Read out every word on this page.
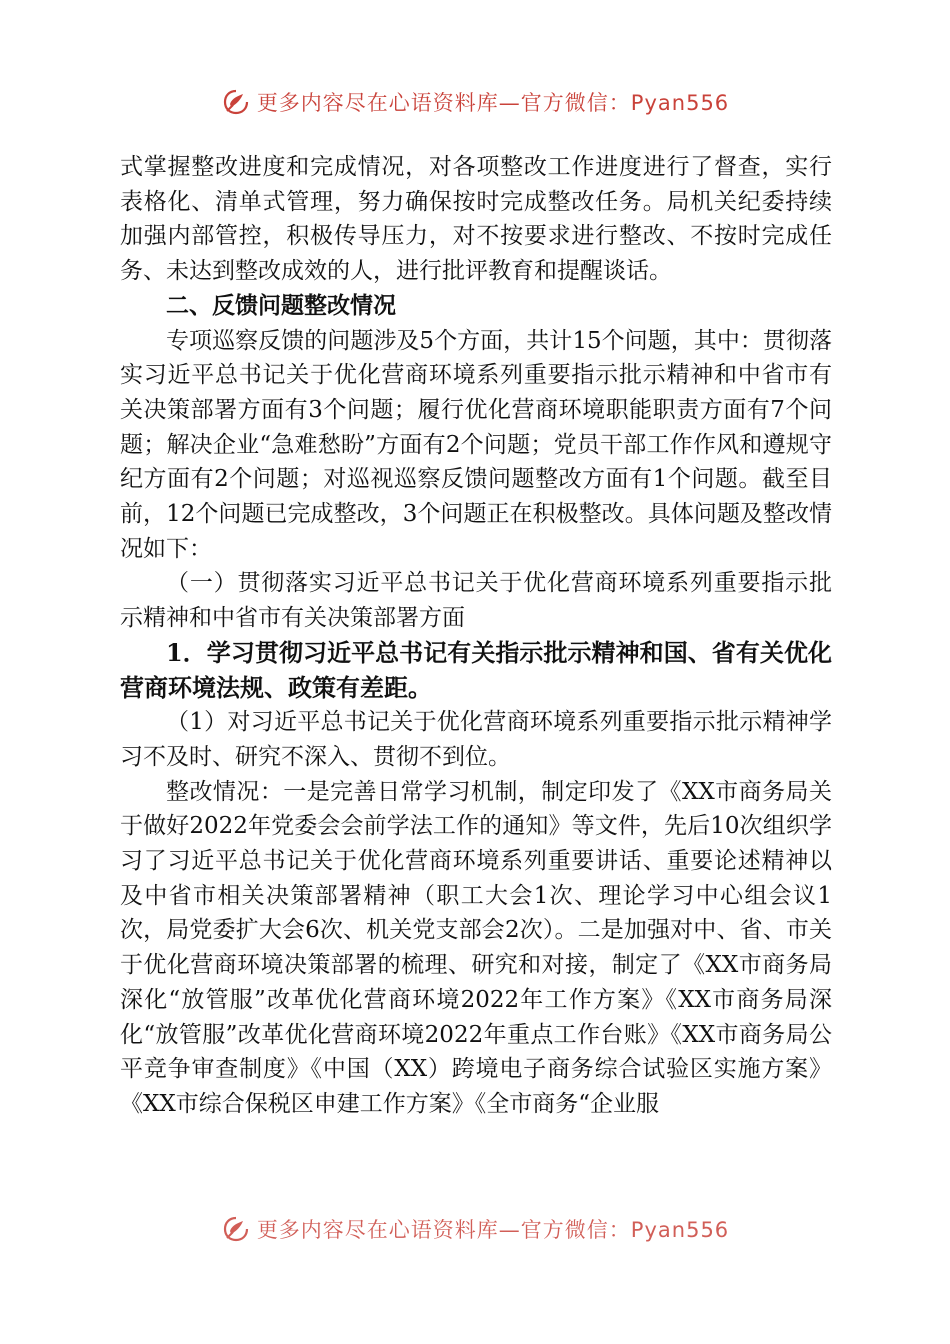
更多内容尽在心语资料库—官方微信：Pyan556

式掌握整改进度和完成情况，对各项整改工作进度进行了督查，实行表格化、清单式管理，努力确保按时完成整改任务。局机关纪委持续加强内部管控，积极传导压力，对不按要求进行整改、不按时完成任务、未达到整改成效的人，进行批评教育和提醒谈话。

二、反馈问题整改情况

专项巡察反馈的问题涉及5个方面，共计15个问题，其中：贯彻落实习近平总书记关于优化营商环境系列重要指示批示精神和中省市有关决策部署方面有3个问题；履行优化营商环境职能职责方面有7个问题；解决企业“急难愁盼”方面有2个问题；党员干部工作作风和遵规守纪方面有2个问题；对巡视巡察反馈问题整改方面有1个问题。截至目前，12个问题已完成整改，3个问题正在积极整改。具体问题及整改情况如下：

（一）贯彻落实习近平总书记关于优化营商环境系列重要指示批示精神和中省市有关决策部署方面

1．学习贯彻习近平总书记有关指示批示精神和国、省有关优化营商环境法规、政策有差距。

（1）对习近平总书记关于优化营商环境系列重要指示批示精神学习不及时、研究不深入、贯彻不到位。

整改情况：一是完善日常学习机制，制定印发了《XX市商务局关于做好2022年党委会会前学法工作的通知》等文件，先后10次组织学习了习近平总书记关于优化营商环境系列重要讲话、重要论述精神以及中省市相关决策部署精神（职工大会1次、理论学习中心组会议1次，局党委扩大会6次、机关党支部会2次）。二是加强对中、省、市关于优化营商环境决策部署的梳理、研究和对接，制定了《XX市商务局深化“放管服”改革优化营商环境2022年工作方案》《XX市商务局深化“放管服”改革优化营商环境2022年重点工作台账》《XX市商务局公平竞争审查制度》《中国（XX）跨境电子商务综合试验区实施方案》《XX市综合保税区申建工作方案》《全市商务“企业服

更多内容尽在心语资料库—官方微信：Pyan556
